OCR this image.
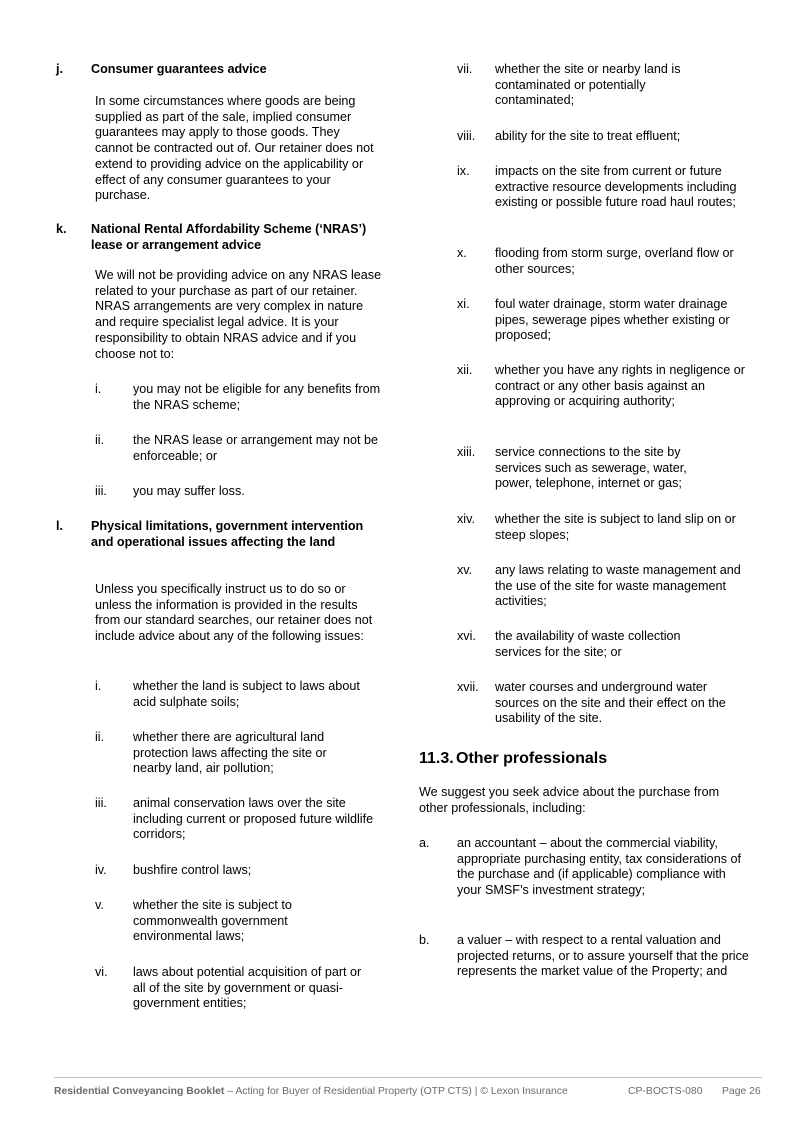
j. Consumer guarantees advice
In some circumstances where goods are being supplied as part of the sale, implied consumer guarantees may apply to those goods. They cannot be contracted out of. Our retainer does not extend to providing advice on the applicability or effect of any consumer guarantees to your purchase.
k. National Rental Affordability Scheme (‘NRAS’) lease or arrangement advice
We will not be providing advice on any NRAS lease related to your purchase as part of our retainer. NRAS arrangements are very complex in nature and require specialist legal advice. It is your responsibility to obtain NRAS advice and if you choose not to:
i.	you may not be eligible for any benefits from the NRAS scheme;
ii. the NRAS lease or arrangement may not be enforceable; or
iii. you may suffer loss.
l. Physical limitations, government intervention and operational issues affecting the land
Unless you specifically instruct us to do so or unless the information is provided in the results from our standard searches, our retainer does not include advice about any of the following issues:
i.	whether the land is subject to laws about acid sulphate soils;
ii. whether there are agricultural land protection laws affecting the site or nearby land, air pollution;
iii. animal conservation laws over the site including current or proposed future wildlife corridors;
iv. bushfire control laws;
v. whether the site is subject to commonwealth government environmental laws;
vi. laws about potential acquisition of part or all of the site by government or quasi-government entities;
vii. whether the site or nearby land is contaminated or potentially contaminated;
viii. ability for the site to treat effluent;
ix. impacts on the site from current or future extractive resource developments including existing or possible future road haul routes;
x. flooding from storm surge, overland flow or other sources;
xi. foul water drainage, storm water drainage pipes, sewerage pipes whether existing or proposed;
xii. whether you have any rights in negligence or contract or any other basis against an approving or acquiring authority;
xiii. service connections to the site by services such as sewerage, water, power, telephone, internet or gas;
xiv. whether the site is subject to land slip on or steep slopes;
xv. any laws relating to waste management and the use of the site for waste management activities;
xvi. the availability of waste collection services for the site; or
xvii. water courses and underground water sources on the site and their effect on the usability of the site.
11.3. Other professionals
We suggest you seek advice about the purchase from other professionals, including:
a. an accountant – about the commercial viability, appropriate purchasing entity, tax considerations of the purchase and (if applicable) compliance with your SMSF’s investment strategy;
b. a valuer – with respect to a rental valuation and projected returns, or to assure yourself that the price represents the market value of the Property; and
Residential Conveyancing Booklet – Acting for Buyer of Residential Property (OTP CTS) | © Lexon Insurance	CP-BOCTS-080 Page 26
